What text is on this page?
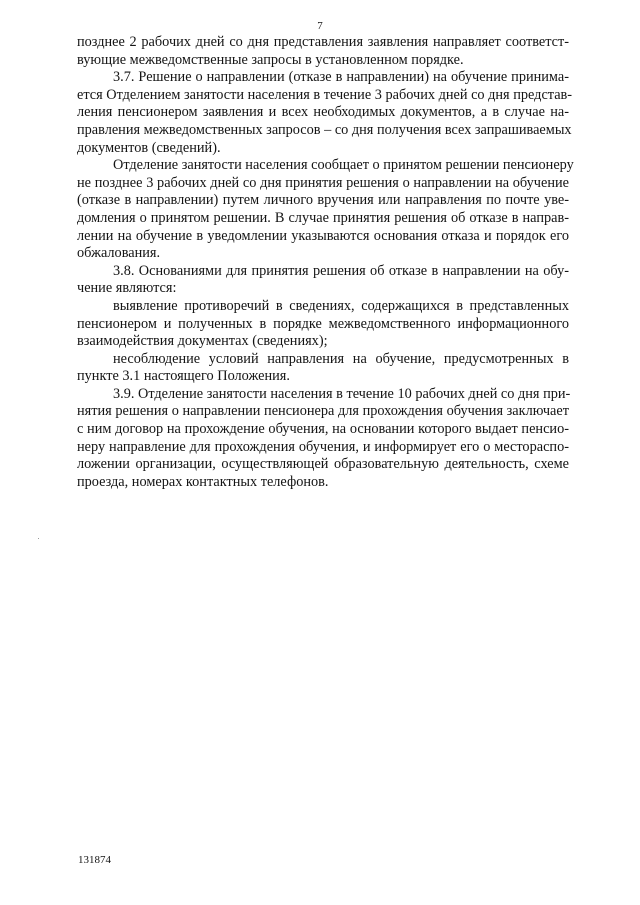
7
позднее 2 рабочих дней со дня представления заявления направляет соответст-
вующие межведомственные запросы в установленном порядке.
3.7. Решение о направлении (отказе в направлении) на обучение принима-
ется Отделением занятости населения в течение 3 рабочих дней со дня представ-
ления пенсионером заявления и всех необходимых документов, а в случае на-
правления межведомственных запросов – со дня получения всех запрашиваемых
документов (сведений).
Отделение занятости населения сообщает о принятом решении пенсионеру
не позднее 3 рабочих дней со дня принятия решения о направлении на обучение
(отказе в направлении) путем личного вручения или направления по почте уве-
домления о принятом решении. В случае принятия решения об отказе в направ-
лении на обучение в уведомлении указываются основания отказа и порядок его
обжалования.
3.8. Основаниями для принятия решения об отказе в направлении на обу-
чение являются:
выявление противоречий в сведениях, содержащихся в представленных
пенсионером и полученных в порядке межведомственного информационного
взаимодействия документах (сведениях);
несоблюдение условий направления на обучение, предусмотренных в
пункте 3.1 настоящего Положения.
3.9. Отделение занятости населения в течение 10 рабочих дней со дня при-
нятия решения о направлении пенсионера для прохождения обучения заключает
с ним договор на прохождение обучения, на основании которого выдает пенсио-
неру направление для прохождения обучения, и информирует его о местораспо-
ложении организации, осуществляющей образовательную деятельность, схеме
проезда, номерах контактных телефонов.
131874
